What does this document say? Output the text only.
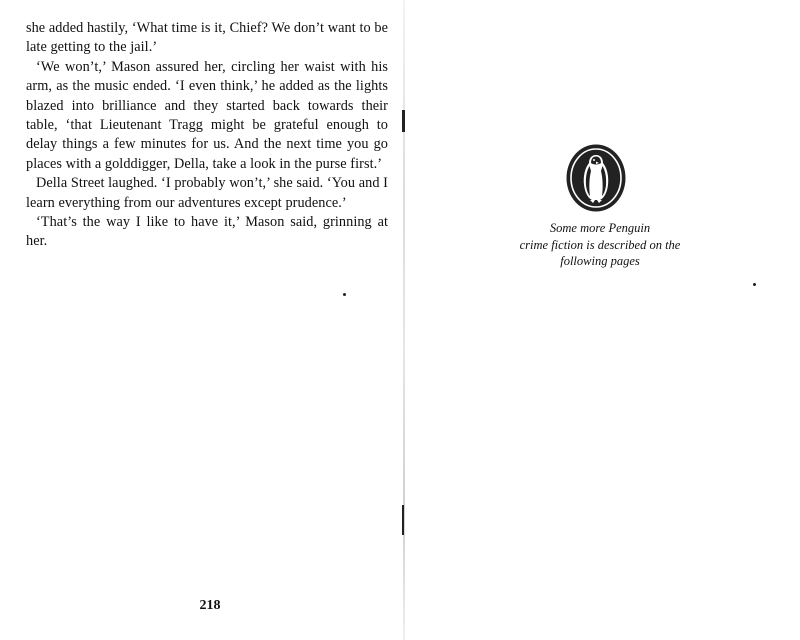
she added hastily, ‘What time is it, Chief? We don’t want to be late getting to the jail.’

‘We won’t,’ Mason assured her, circling her waist with his arm, as the music ended. ‘I even think,’ he added as the lights blazed into brilliance and they started back towards their table, ‘that Lieutenant Tragg might be grateful enough to delay things a few minutes for us. And the next time you go places with a golddigger, Della, take a look in the purse first.’

Della Street laughed. ‘I probably won’t,’ she said. ‘You and I learn everything from our adventures except prudence.’

‘That’s the way I like to have it,’ Mason said, grinning at her.

218
Some more Penguin
crime fiction is described on the
following pages
